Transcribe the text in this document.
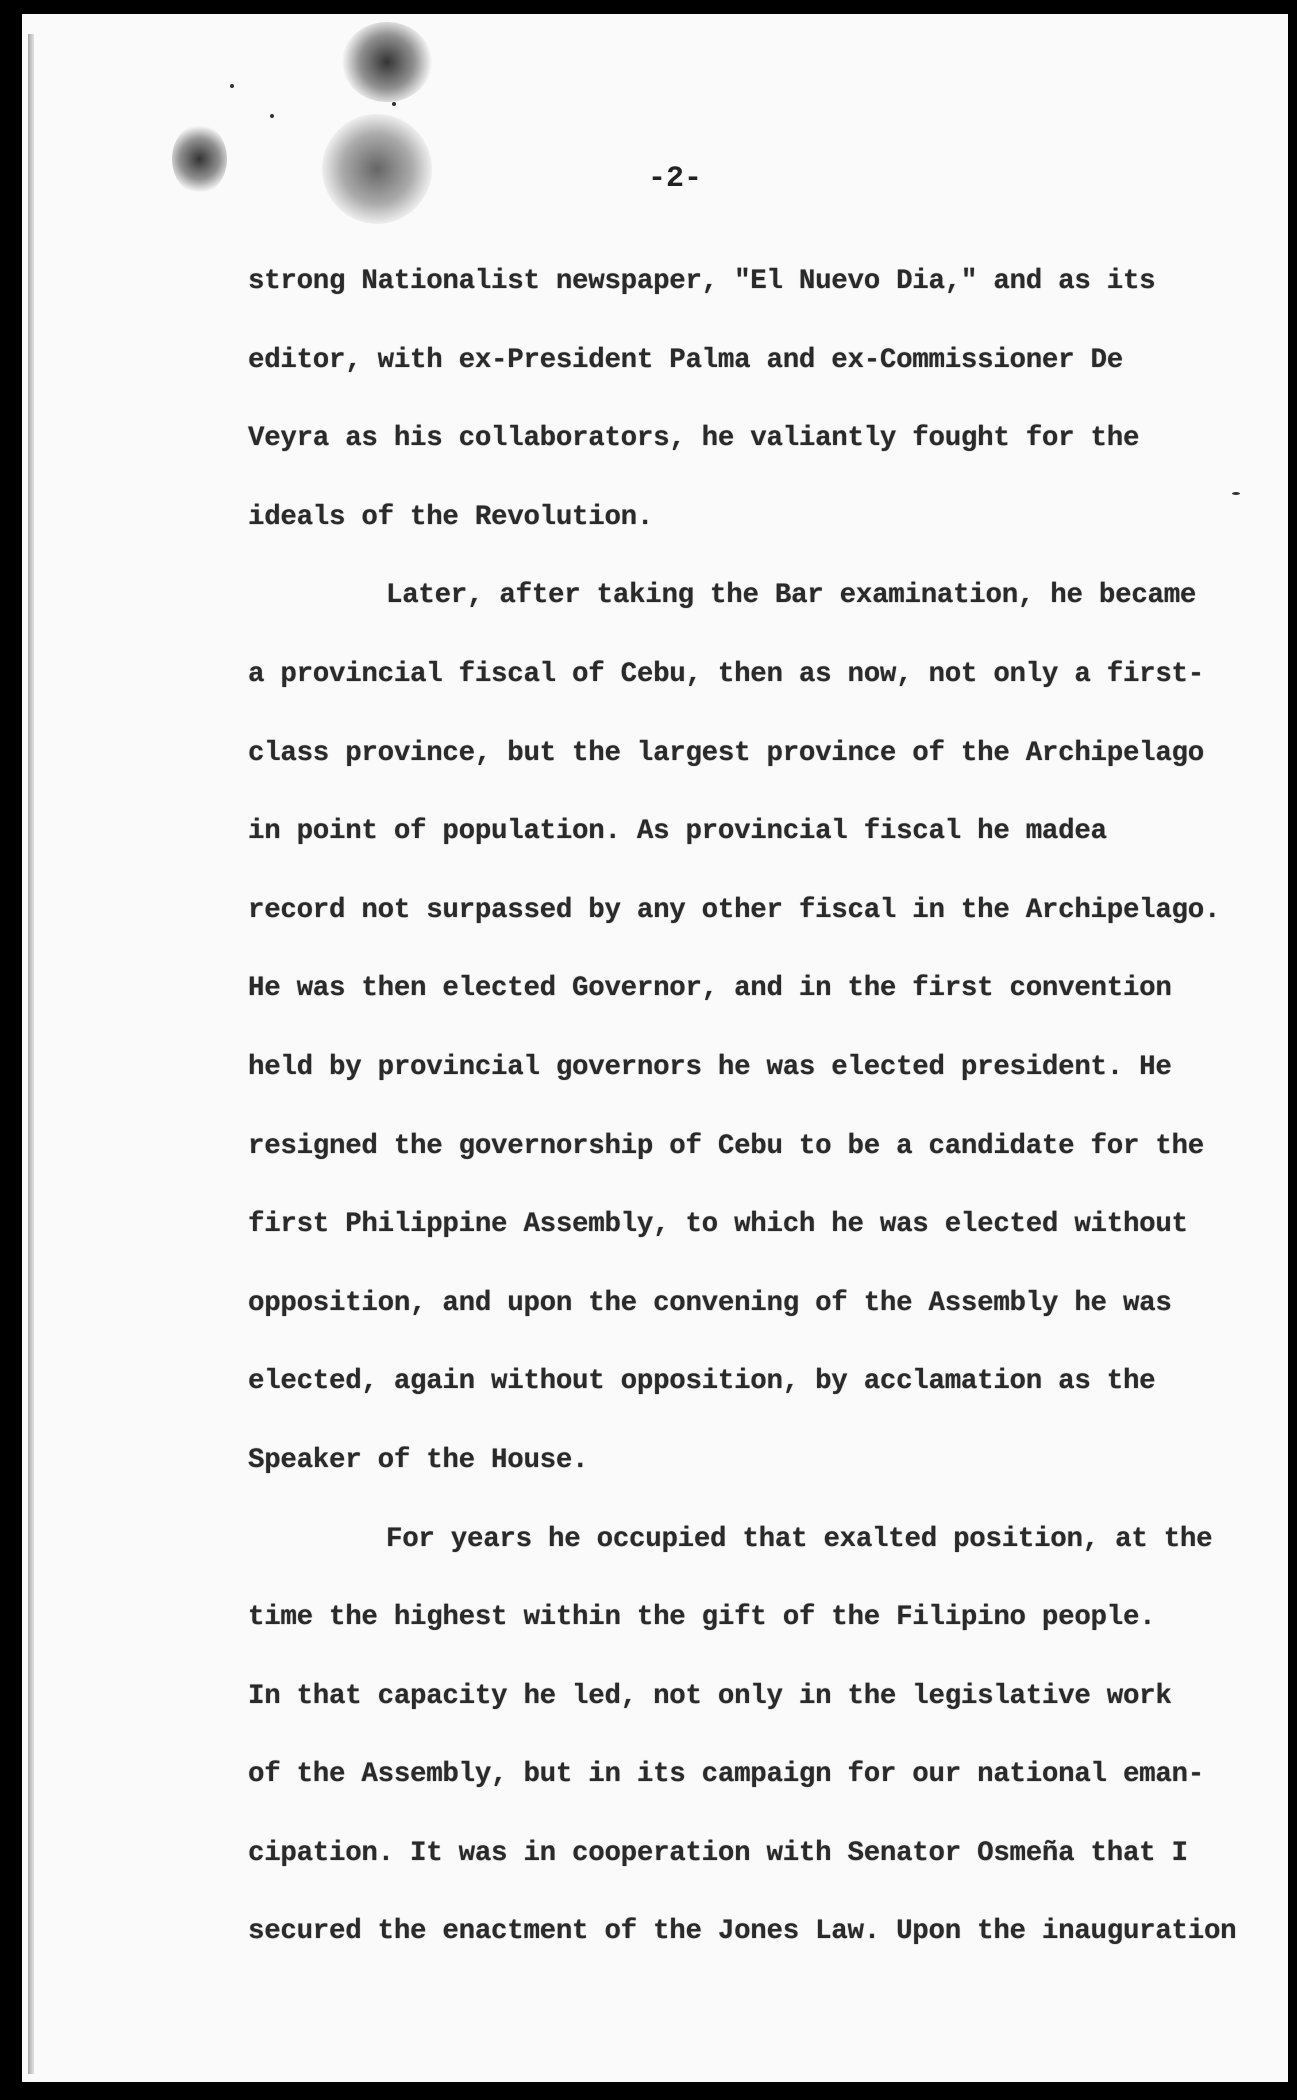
-2-
strong Nationalist newspaper, "El Nuevo Dia," and as its
editor, with ex-President Palma and ex-Commissioner De
Veyra as his collaborators, he valiantly fought for the
ideals of the Revolution.
Later, after taking the Bar examination, he became
a provincial fiscal of Cebu, then as now, not only a first-
class province, but the largest province of the Archipelago
in point of population. As provincial fiscal he madea
record not surpassed by any other fiscal in the Archipelago.
He was then elected Governor, and in the first convention
held by provincial governors he was elected president. He
resigned the governorship of Cebu to be a candidate for the
first Philippine Assembly, to which he was elected without
opposition, and upon the convening of the Assembly he was
elected, again without opposition, by acclamation as the
Speaker of the House.
For years he occupied that exalted position, at the
time the highest within the gift of the Filipino people.
In that capacity he led, not only in the legislative work
of the Assembly, but in its campaign for our national eman-
cipation. It was in cooperation with Senator Osmeña that I
secured the enactment of the Jones Law. Upon the inauguration
